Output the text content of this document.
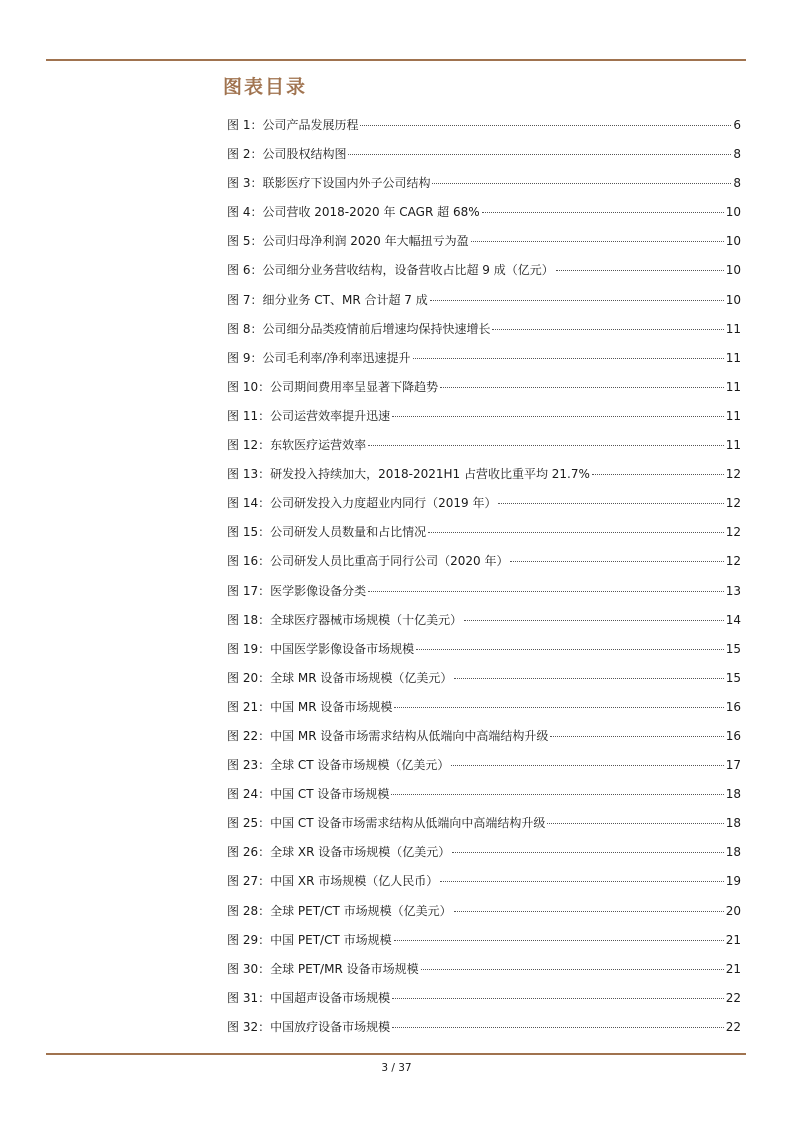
图表目录
图 1：公司产品发展历程	6
图 2：公司股权结构图	8
图 3：联影医疗下设国内外子公司结构	8
图 4：公司营收 2018-2020 年 CAGR 超 68%	10
图 5：公司归母净利润 2020 年大幅扭亏为盈	10
图 6：公司细分业务营收结构，设备营收占比超 9 成（亿元）	10
图 7：细分业务 CT、MR 合计超 7 成	10
图 8：公司细分品类疫情前后增速均保持快速增长	11
图 9：公司毛利率/净利率迅速提升	11
图 10：公司期间费用率呈显著下降趋势	11
图 11：公司运营效率提升迅速	11
图 12：东软医疗运营效率	11
图 13：研发投入持续加大，2018-2021H1 占营收比重平均 21.7%	12
图 14：公司研发投入力度超业内同行（2019 年）	12
图 15：公司研发人员数量和占比情况	12
图 16：公司研发人员比重高于同行公司（2020 年）	12
图 17：医学影像设备分类	13
图 18：全球医疗器械市场规模（十亿美元）	14
图 19：中国医学影像设备市场规模	15
图 20：全球 MR 设备市场规模（亿美元）	15
图 21：中国 MR 设备市场规模	16
图 22：中国 MR 设备市场需求结构从低端向中高端结构升级	16
图 23：全球 CT 设备市场规模（亿美元）	17
图 24：中国 CT 设备市场规模	18
图 25：中国 CT 设备市场需求结构从低端向中高端结构升级	18
图 26：全球 XR 设备市场规模（亿美元）	18
图 27：中国 XR 市场规模（亿人民币）	19
图 28：全球 PET/CT 市场规模（亿美元）	20
图 29：中国 PET/CT 市场规模	21
图 30：全球 PET/MR 设备市场规模	21
图 31：中国超声设备市场规模	22
图 32：中国放疗设备市场规模	22
3 / 37
